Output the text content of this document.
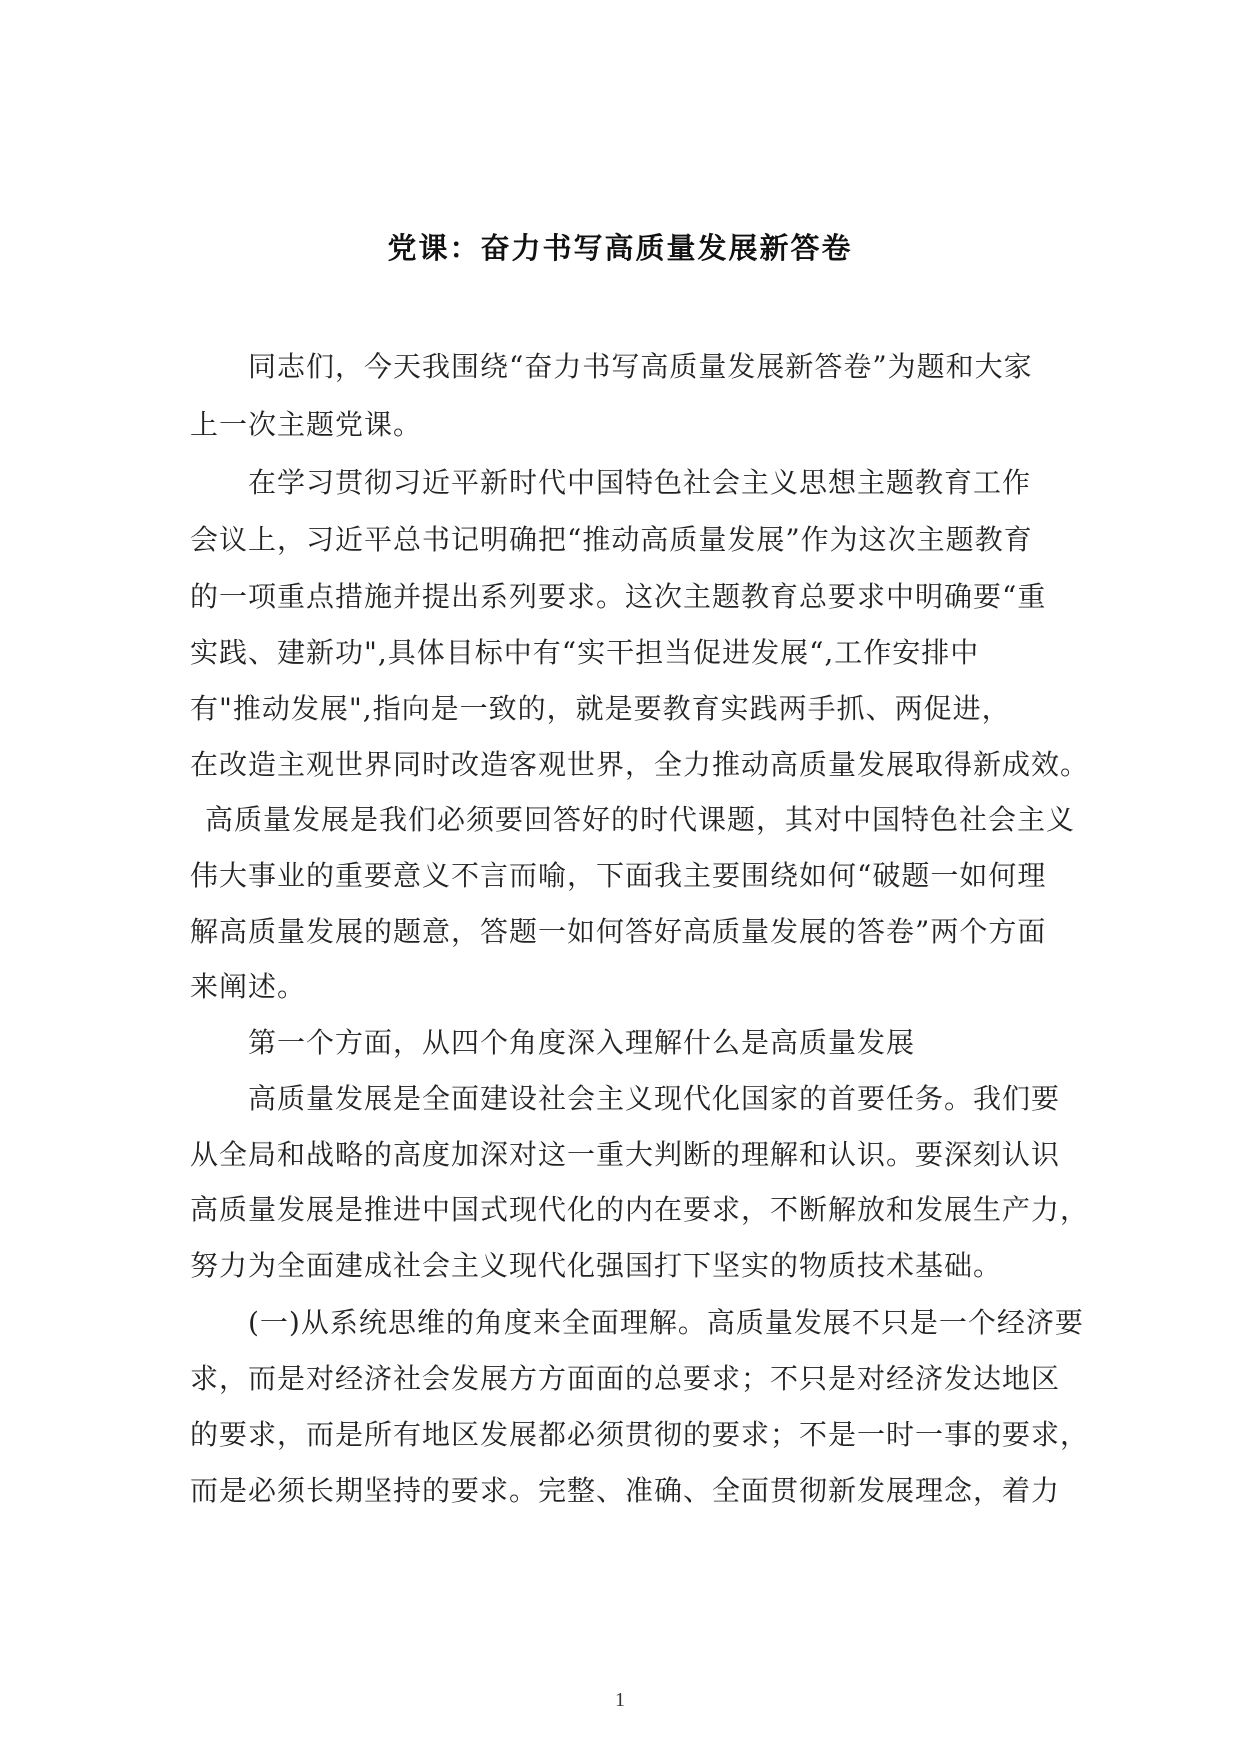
党课：奋力书写高质量发展新答卷
同志们，今天我围绕“奋力书写高质量发展新答卷”为题和大家
上一次主题党课。
在学习贯彻习近平新时代中国特色社会主义思想主题教育工作
会议上，习近平总书记明确把“推动高质量发展”作为这次主题教育
的一项重点措施并提出系列要求。这次主题教育总要求中明确要“重
实践、建新功",具体目标中有“实干担当促进发展“,工作安排中
有"推动发展",指向是一致的，就是要教育实践两手抓、两促进，
在改造主观世界同时改造客观世界，全力推动高质量发展取得新成效。
高质量发展是我们必须要回答好的时代课题，其对中国特色社会主义
伟大事业的重要意义不言而喻，下面我主要围绕如何“破题一如何理
解高质量发展的题意，答题一如何答好高质量发展的答卷”两个方面
来阐述。
第一个方面，从四个角度深入理解什么是高质量发展
高质量发展是全面建设社会主义现代化国家的首要任务。我们要
从全局和战略的高度加深对这一重大判断的理解和认识。要深刻认识
高质量发展是推进中国式现代化的内在要求，不断解放和发展生产力，
努力为全面建成社会主义现代化强国打下坚实的物质技术基础。
(一)从系统思维的角度来全面理解。高质量发展不只是一个经济要
求，而是对经济社会发展方方面面的总要求；不只是对经济发达地区
的要求，而是所有地区发展都必须贯彻的要求；不是一时一事的要求，
而是必须长期坚持的要求。完整、准确、全面贯彻新发展理念，着力
1
